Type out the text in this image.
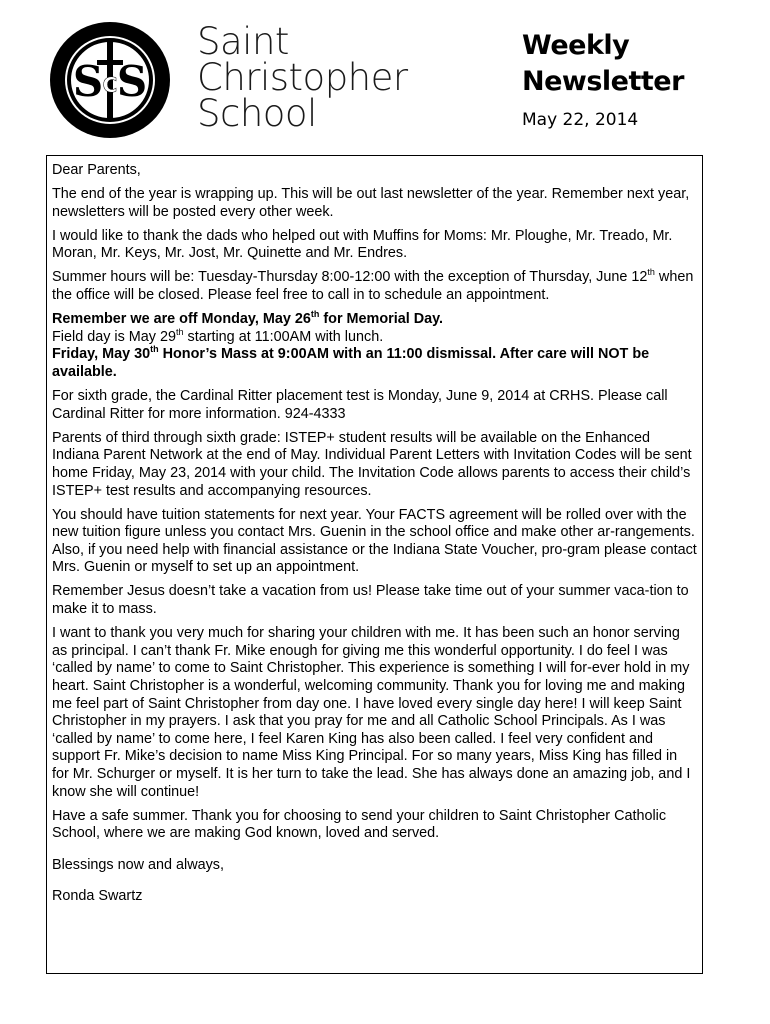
S S
C
Saint
Christopher
School
Weekly
Newsletter
May 22, 2014

Dear Parents,

The end of the year is wrapping up. This will be out last newsletter of the year. Remember next year, newsletters will be posted every other week.

I would like to thank the dads who helped out with Muffins for Moms: Mr. Ploughe, Mr. Treado, Mr. Moran, Mr. Keys, Mr. Jost, Mr. Quinette and Mr. Endres.

Summer hours will be: Tuesday-Thursday 8:00-12:00 with the exception of Thursday, June 12th when the office will be closed. Please feel free to call in to schedule an appointment.

Remember we are off Monday, May 26th for Memorial Day.
Field day is May 29th starting at 11:00AM with lunch.
Friday, May 30th Honor’s Mass at 9:00AM with an 11:00 dismissal. After care will NOT be available.

For sixth grade, the Cardinal Ritter placement test is Monday, June 9, 2014 at CRHS. Please call Cardinal Ritter for more information. 924-4333

Parents of third through sixth grade: ISTEP+ student results will be available on the Enhanced Indiana Parent Network at the end of May. Individual Parent Letters with Invitation Codes will be sent home Friday, May 23, 2014 with your child. The Invitation Code allows parents to access their child’s ISTEP+ test results and accompanying resources.

You should have tuition statements for next year. Your FACTS agreement will be rolled over with the new tuition figure unless you contact Mrs. Guenin in the school office and make other ar-rangements. Also, if you need help with financial assistance or the Indiana State Voucher, pro-gram please contact Mrs. Guenin or myself to set up an appointment.

Remember Jesus doesn’t take a vacation from us! Please take time out of your summer vaca-tion to make it to mass.

I want to thank you very much for sharing your children with me. It has been such an honor serving as principal. I can’t thank Fr. Mike enough for giving me this wonderful opportunity. I do feel I was ‘called by name’ to come to Saint Christopher. This experience is something I will for-ever hold in my heart. Saint Christopher is a wonderful, welcoming community. Thank you for loving me and making me feel part of Saint Christopher from day one. I have loved every single day here! I will keep Saint Christopher in my prayers. I ask that you pray for me and all Catholic School Principals. As I was ‘called by name’ to come here, I feel Karen King has also been called. I feel very confident and support Fr. Mike’s decision to name Miss King Principal. For so many years, Miss King has filled in for Mr. Schurger or myself. It is her turn to take the lead. She has always done an amazing job, and I know she will continue!

Have a safe summer. Thank you for choosing to send your children to Saint Christopher Catholic School, where we are making God known, loved and served.

Blessings now and always,

Ronda Swartz
